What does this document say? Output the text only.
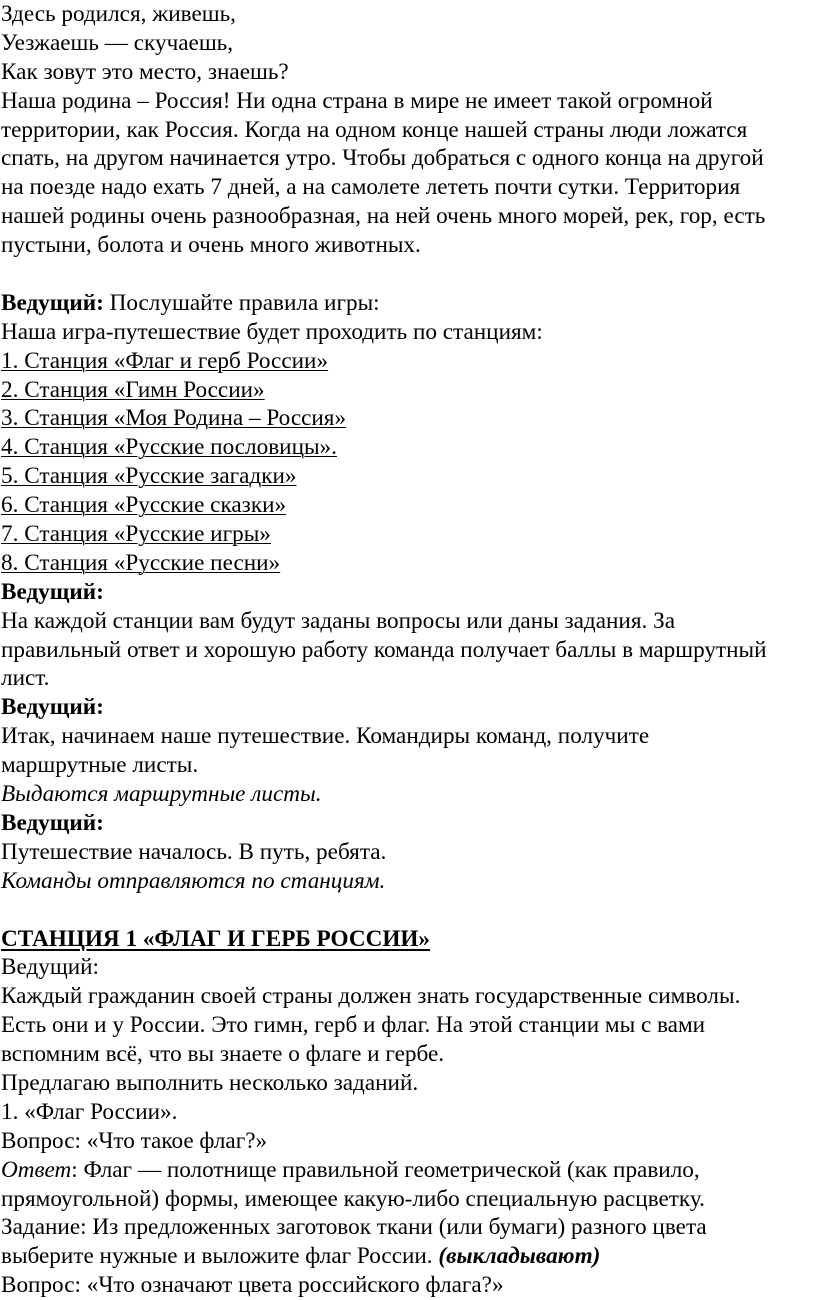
Здесь родился, живешь,
Уезжаешь — скучаешь,
Как зовут это место, знаешь?
Наша родина – Россия! Ни одна страна в мире не имеет такой огромной
территории, как Россия. Когда на одном конце нашей страны люди ложатся
спать, на другом начинается утро. Чтобы добраться с одного конца на другой
на поезде надо ехать 7 дней, а на самолете лететь почти сутки. Территория
нашей родины очень разнообразная, на ней очень много морей, рек, гор, есть
пустыни, болота и очень много животных.
Ведущий: Послушайте правила игры:
Наша игра-путешествие будет проходить по станциям:
1. Станция «Флаг и герб России»
2. Станция «Гимн России»
3. Станция «Моя Родина – Россия»
4. Станция «Русские пословицы».
5. Станция «Русские загадки»
6. Станция «Русские сказки»
7. Станция «Русские игры»
8. Станция «Русские песни»
Ведущий:
На каждой станции вам будут заданы вопросы или даны задания. За
правильный ответ и хорошую работу команда получает баллы в маршрутный
лист.
Ведущий:
Итак, начинаем наше путешествие. Командиры команд, получите
маршрутные листы.
Выдаются маршрутные листы.
Ведущий:
Путешествие началось. В путь, ребята.
Команды отправляются по станциям.
СТАНЦИЯ 1 «ФЛАГ И ГЕРБ РОССИИ»
Ведущий:
Каждый гражданин своей страны должен знать государственные символы.
Есть они и у России. Это гимн, герб и флаг. На этой станции мы с вами
вспомним всё, что вы знаете о флаге и гербе.
Предлагаю выполнить несколько заданий.
1. «Флаг России».
Вопрос: «Что такое флаг?»
Ответ: Флаг — полотнище правильной геометрической (как правило,
прямоугольной) формы, имеющее какую-либо специальную расцветку.
Задание: Из предложенных заготовок ткани (или бумаги) разного цвета
выберите нужные и выложите флаг России. (выкладывают)
Вопрос: «Что означают цвета российского флага?»
